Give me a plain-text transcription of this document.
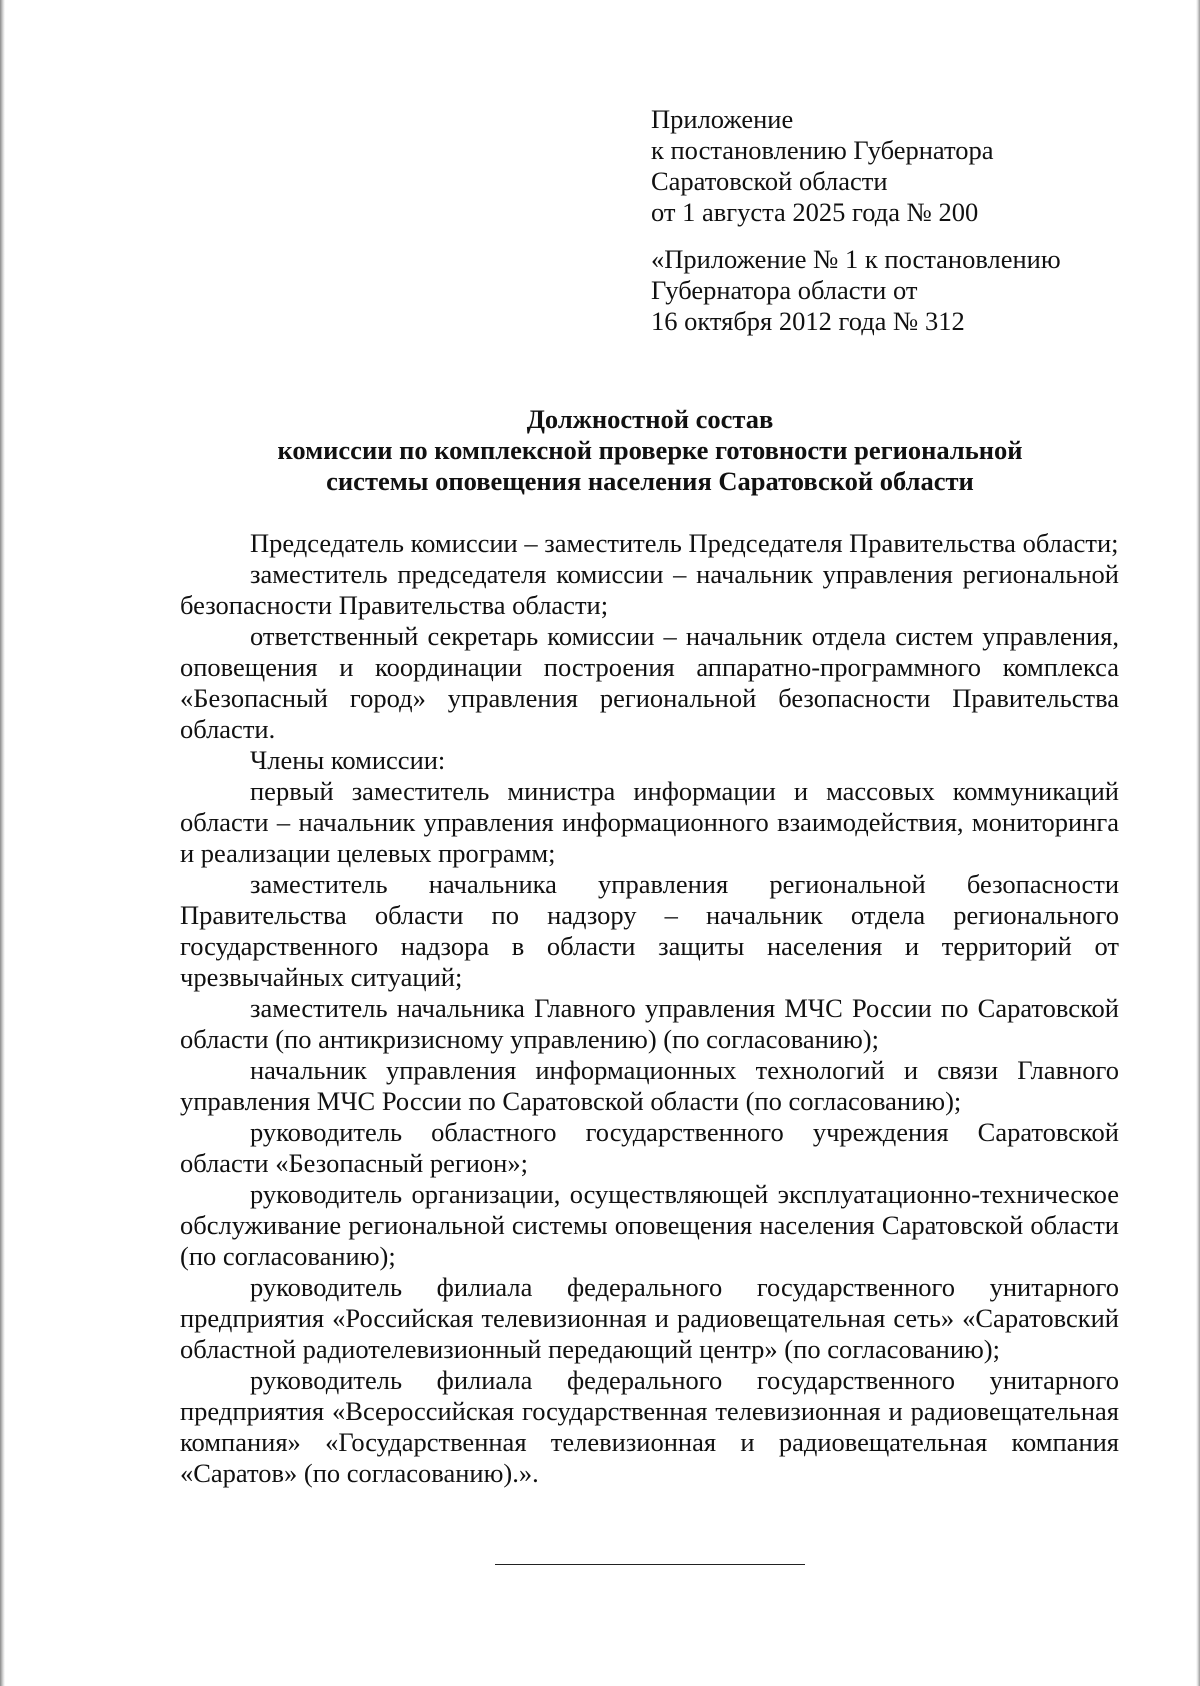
Приложение
к постановлению Губернатора
Саратовской области
от 1 августа 2025 года № 200
«Приложение № 1 к постановлению
Губернатора области от
16 октября 2012 года № 312
Должностной состав
комиссии по комплексной проверке готовности региональной
системы оповещения населения Саратовской области

Председатель комиссии – заместитель Председателя Правительства области;

заместитель председателя комиссии – начальник управления региональной безопасности Правительства области;

ответственный секретарь комиссии – начальник отдела систем управления, оповещения и координации построения аппаратно-программного комплекса «Безопасный город» управления региональной безопасности Правительства области.

Члены комиссии:

первый заместитель министра информации и массовых коммуникаций области – начальник управления информационного взаимодействия, мониторинга и реализации целевых программ;

заместитель начальника управления региональной безопасности Правительства области по надзору – начальник отдела регионального государственного надзора в области защиты населения и территорий от чрезвычайных ситуаций;

заместитель начальника Главного управления МЧС России по Саратовской области (по антикризисному управлению) (по согласованию);

начальник управления информационных технологий и связи Главного управления МЧС России по Саратовской области (по согласованию);

руководитель областного государственного учреждения Саратовской области «Безопасный регион»;

руководитель организации, осуществляющей эксплуатационно-техническое обслуживание региональной системы оповещения населения Саратовской области (по согласованию);

руководитель филиала федерального государственного унитарного предприятия «Российская телевизионная и радиовещательная сеть» «Саратовский областной радиотелевизионный передающий центр» (по согласованию);

руководитель филиала федерального государственного унитарного предприятия «Всероссийская государственная телевизионная и радиовещательная компания» «Государственная телевизионная и радиовещательная компания «Саратов» (по согласованию).».
